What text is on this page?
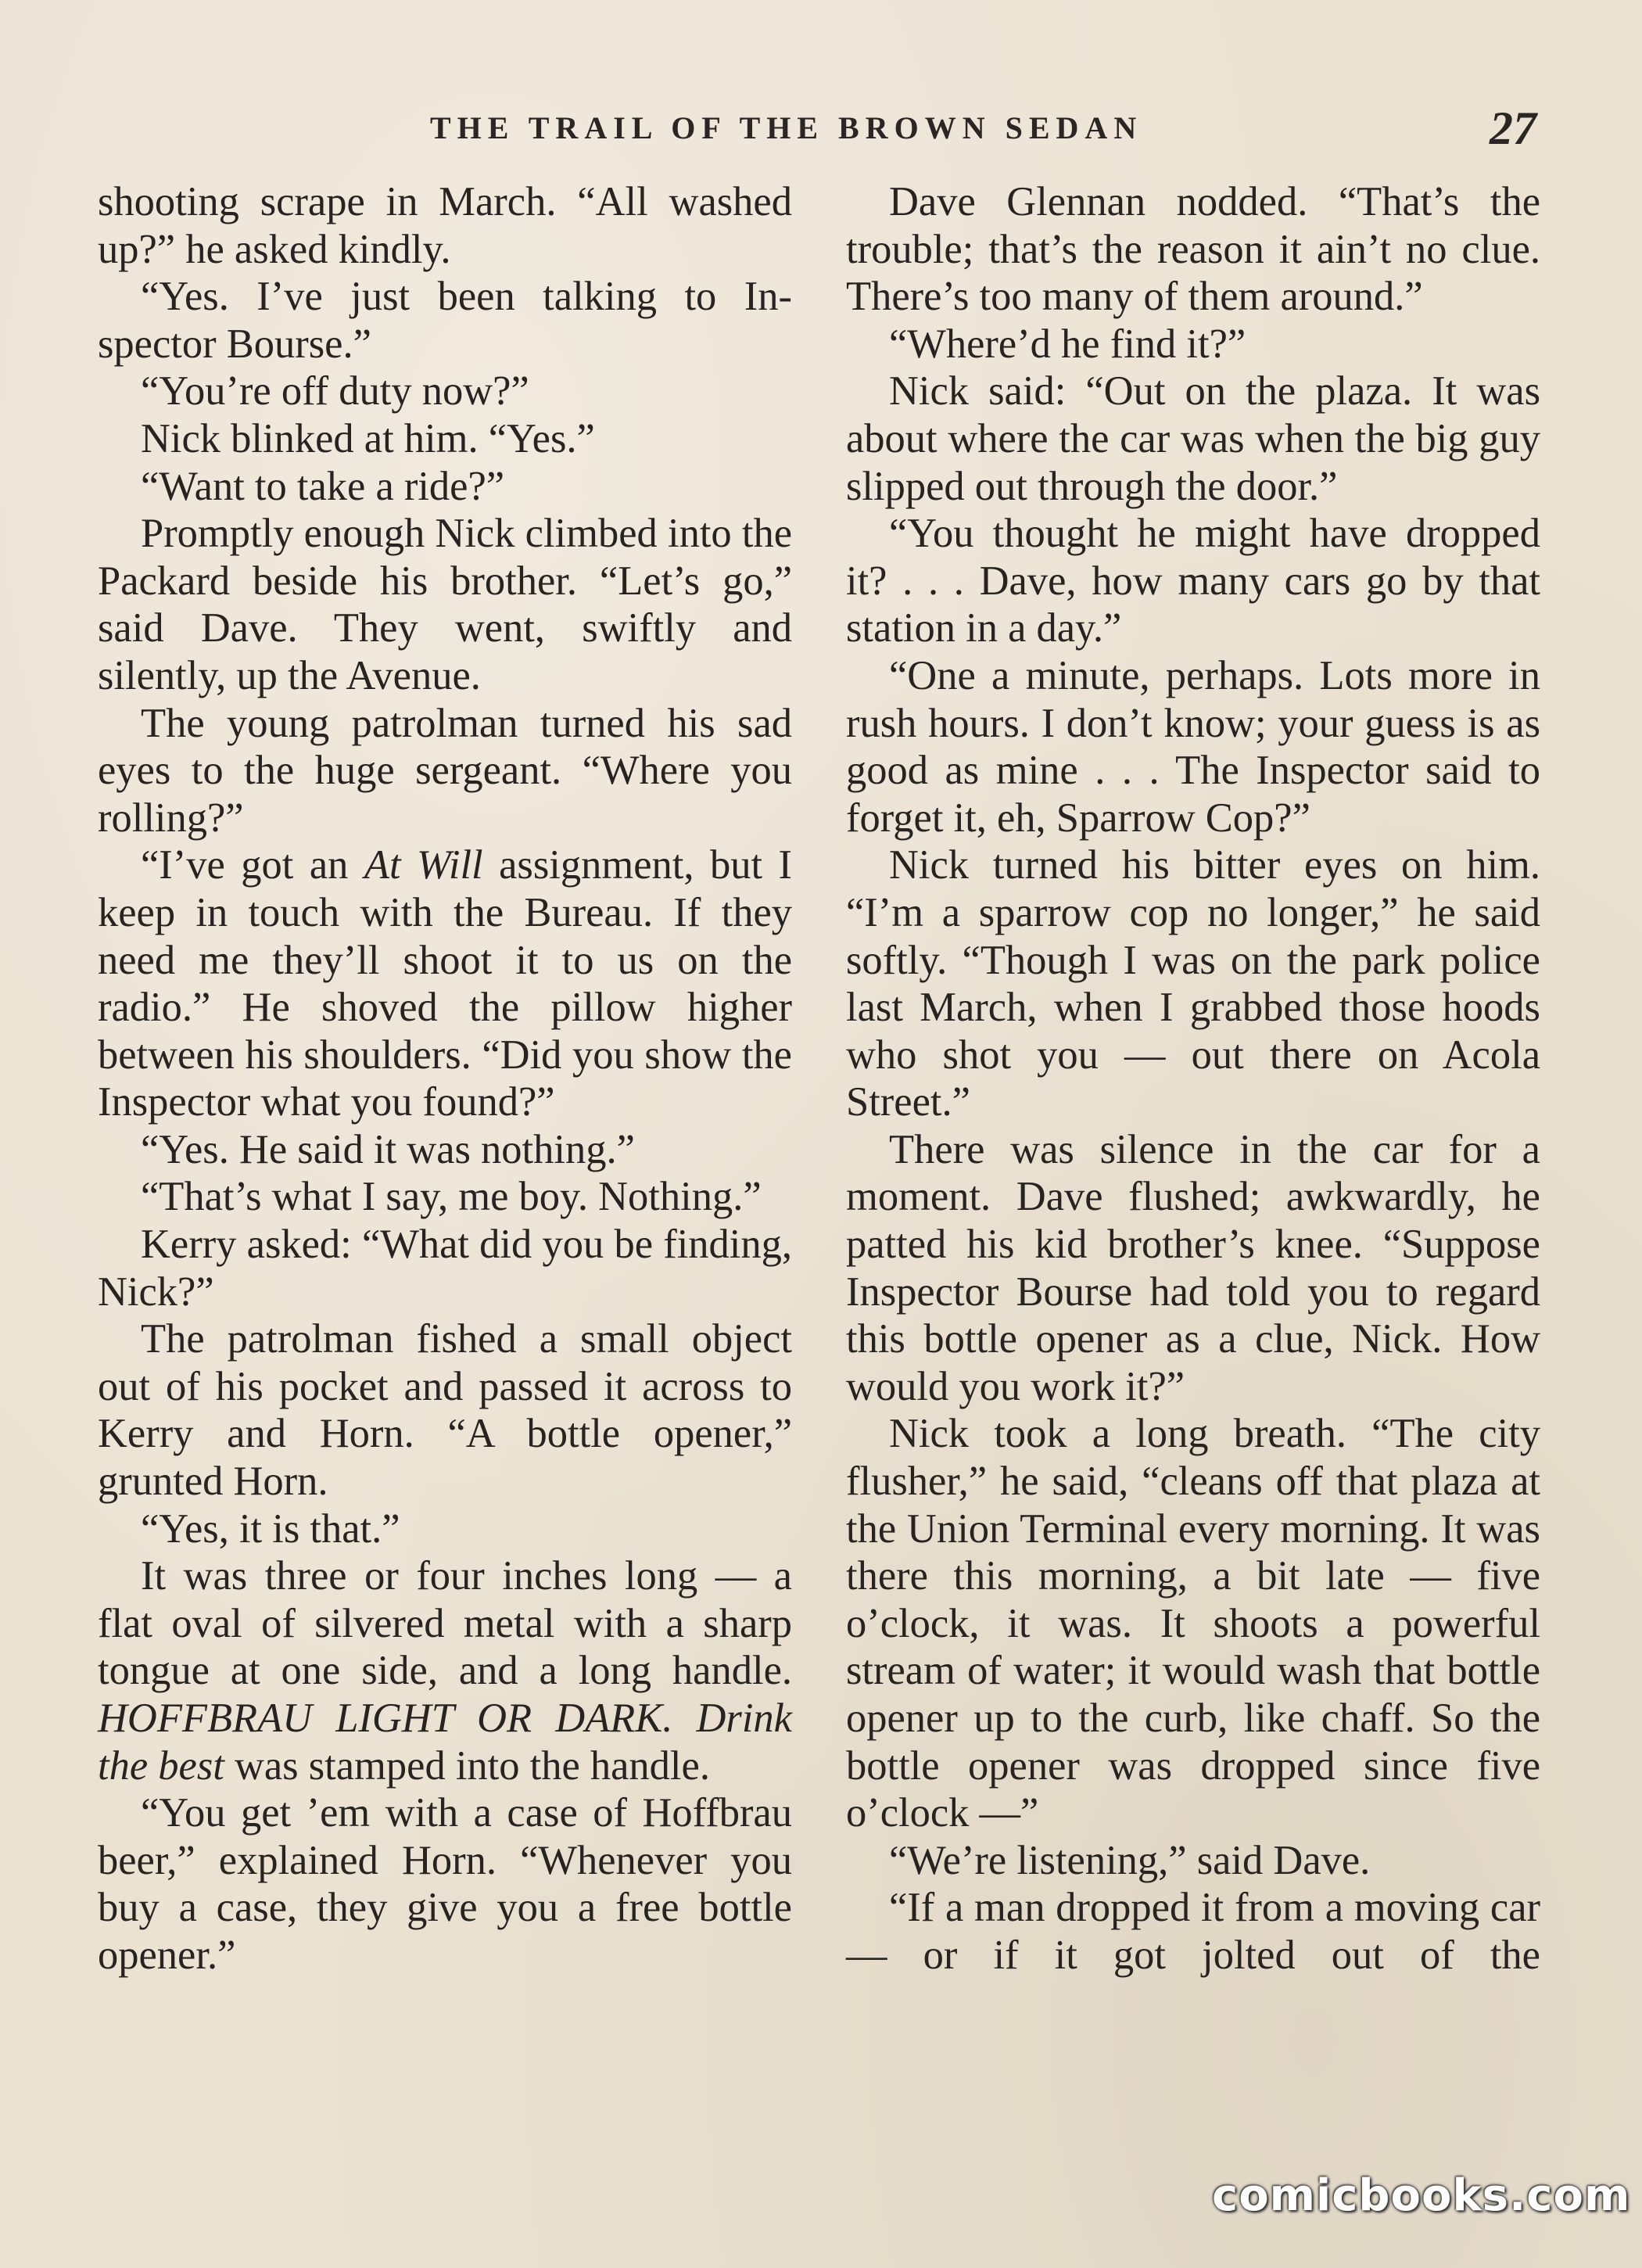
THE TRAIL OF THE BROWN SEDAN	27

shooting scrape in March. “All washed up?” he asked kindly.

“Yes. I’ve just been talking to Inspector Bourse.”

“You’re off duty now?”

Nick blinked at him. “Yes.”

“Want to take a ride?”

Promptly enough Nick climbed into the Packard beside his brother. “Let’s go,” said Dave. They went, swiftly and silently, up the Avenue.

The young patrolman turned his sad eyes to the huge sergeant. “Where you rolling?”

“I’ve got an At Will assignment, but I keep in touch with the Bureau. If they need me they’ll shoot it to us on the radio.” He shoved the pillow higher between his shoulders. “Did you show the Inspector what you found?”

“Yes. He said it was nothing.”

“That’s what I say, me boy. Nothing.”

Kerry asked: “What did you be finding, Nick?”

The patrolman fished a small object out of his pocket and passed it across to Kerry and Horn. “A bottle opener,” grunted Horn.

“Yes, it is that.”

It was three or four inches long — a flat oval of silvered metal with a sharp tongue at one side, and a long handle. HOFFBRAU LIGHT OR DARK. Drink the best was stamped into the handle.

“You get ’em with a case of Hoffbrau beer,” explained Horn. “Whenever you buy a case, they give you a free bottle opener.”

Dave Glennan nodded. “That’s the trouble; that’s the reason it ain’t no clue. There’s too many of them around.”

“Where’d he find it?”

Nick said: “Out on the plaza. It was about where the car was when the big guy slipped out through the door.”

“You thought he might have dropped it? . . . Dave, how many cars go by that station in a day.”

“One a minute, perhaps. Lots more in rush hours. I don’t know; your guess is as good as mine . . . The Inspector said to forget it, eh, Sparrow Cop?”

Nick turned his bitter eyes on him. “I’m a sparrow cop no longer,” he said softly. “Though I was on the park police last March, when I grabbed those hoods who shot you — out there on Acola Street.”

There was silence in the car for a moment. Dave flushed; awkwardly, he patted his kid brother’s knee. “Suppose Inspector Bourse had told you to regard this bottle opener as a clue, Nick. How would you work it?”

Nick took a long breath. “The city flusher,” he said, “cleans off that plaza at the Union Terminal every morning. It was there this morning, a bit late — five o’clock, it was. It shoots a powerful stream of water; it would wash that bottle opener up to the curb, like chaff. So the bottle opener was dropped since five o’clock —”

“We’re listening,” said Dave.

“If a man dropped it from a moving car — or if it got jolted out of the

comicbooks.com
